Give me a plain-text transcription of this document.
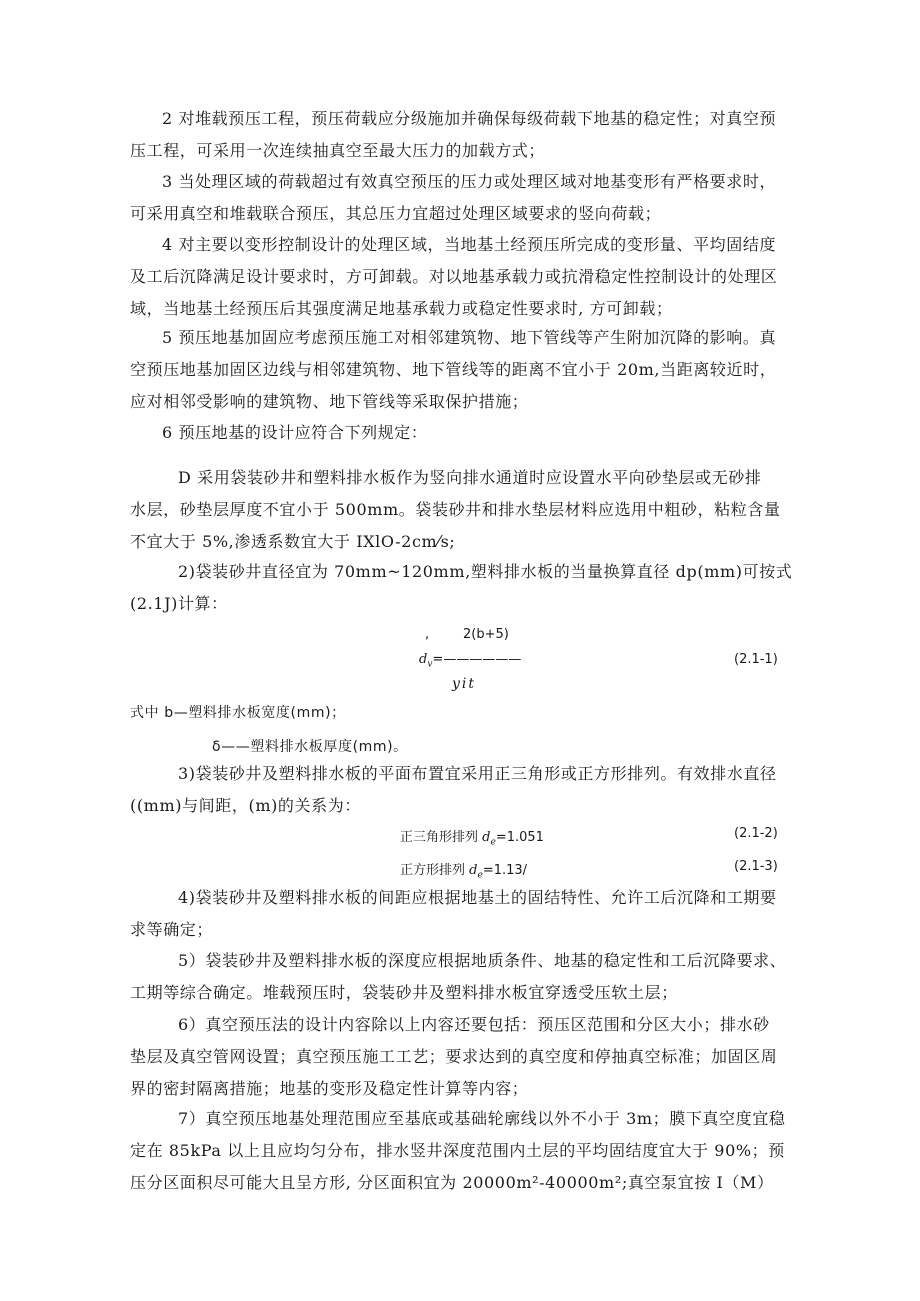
2 对堆载预压工程，预压荷载应分级施加并确保每级荷载下地基的稳定性；对真空预
压工程，可采用一次连续抽真空至最大压力的加载方式；
3 当处理区域的荷载超过有效真空预压的压力或处理区域对地基变形有严格要求时，
可采用真空和堆载联合预压，其总压力宜超过处理区域要求的竖向荷载；
4 对主要以变形控制设计的处理区域，当地基土经预压所完成的变形量、平均固结度
及工后沉降满足设计要求时，方可卸载。对以地基承载力或抗滑稳定性控制设计的处理区
域，当地基土经预压后其强度满足地基承载力或稳定性要求时, 方可卸载；
5 预压地基加固应考虑预压施工对相邻建筑物、地下管线等产生附加沉降的影响。真
空预压地基加固区边线与相邻建筑物、地下管线等的距离不宜小于 20m,当距离较近时，
应对相邻受影响的建筑物、地下管线等采取保护措施；
6 预压地基的设计应符合下列规定：
D 采用袋装砂井和塑料排水板作为竖向排水通道时应设置水平向砂垫层或无砂排
水层，砂垫层厚度不宜小于 500mm。袋装砂井和排水垫层材料应选用中粗砂，粘粒含量
不宜大于 5%,渗透系数宜大于 IXlO-2cm⁄s;
2)袋装砂井直径宜为 70mm~120mm,塑料排水板的当量换算直径 dp(mm)可按式
(2.1J)计算：
,	2(b+5)
$d_v=——————$
yit
(2.1-1)
式中 b—塑料排水板宽度(mm)；
δ——塑料排水板厚度(mm)。
3)袋装砂井及塑料排水板的平面布置宜采用正三角形或正方形排列。有效排水直径
((mm)与间距，(m)的关系为：
正三角形排列 $d_e=1.051$	(2.1-2)
正方形排列 $d_e=1.13/$	(2.1-3)
4)袋装砂井及塑料排水板的间距应根据地基土的固结特性、允许工后沉降和工期要
求等确定；
5）袋装砂井及塑料排水板的深度应根据地质条件、地基的稳定性和工后沉降要求、
工期等综合确定。堆载预压时，袋装砂井及塑料排水板宜穿透受压软土层；
6）真空预压法的设计内容除以上内容还要包括：预压区范围和分区大小；排水砂
垫层及真空管网设置；真空预压施工工艺；要求达到的真空度和停抽真空标准；加固区周
界的密封隔离措施；地基的变形及稳定性计算等内容；
7）真空预压地基处理范围应至基底或基础轮廓线以外不小于 3m；膜下真空度宜稳
定在 85kPa 以上且应均匀分布，排水竖井深度范围内土层的平均固结度宜大于 90%；预
压分区面积尽可能大且呈方形, 分区面积宜为 20000m²-40000m²;真空泵宜按 I（M）
